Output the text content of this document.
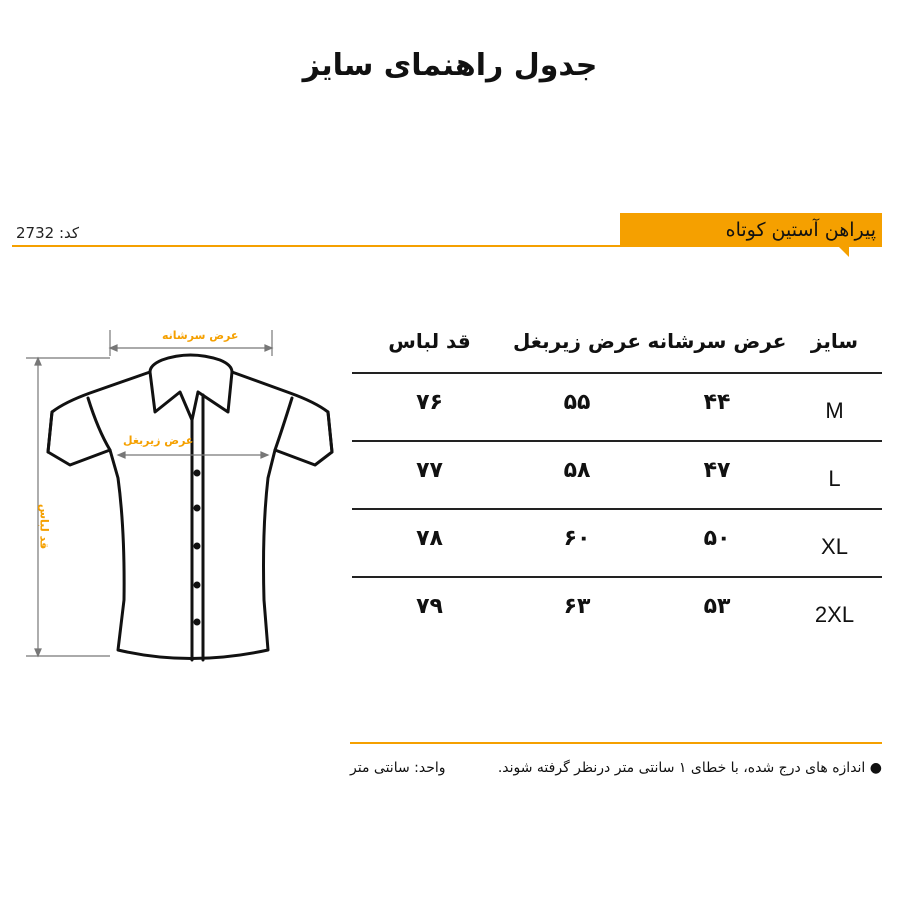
جدول راهنمای سایز
پیراهن آستین کوتاه
کد: 2732
عرض سرشانه
عرض زیربغل
قد لباس
سایز
عرض سرشانه
عرض زیربغل
قد لباس
M
۴۴
۵۵
۷۶
L
۴۷
۵۸
۷۷
XL
۵۰
۶۰
۷۸
2XL
۵۳
۶۳
۷۹
● اندازه های درج شده، با خطای ۱ سانتی متر درنظر گرفته شوند.
واحد: سانتی متر
